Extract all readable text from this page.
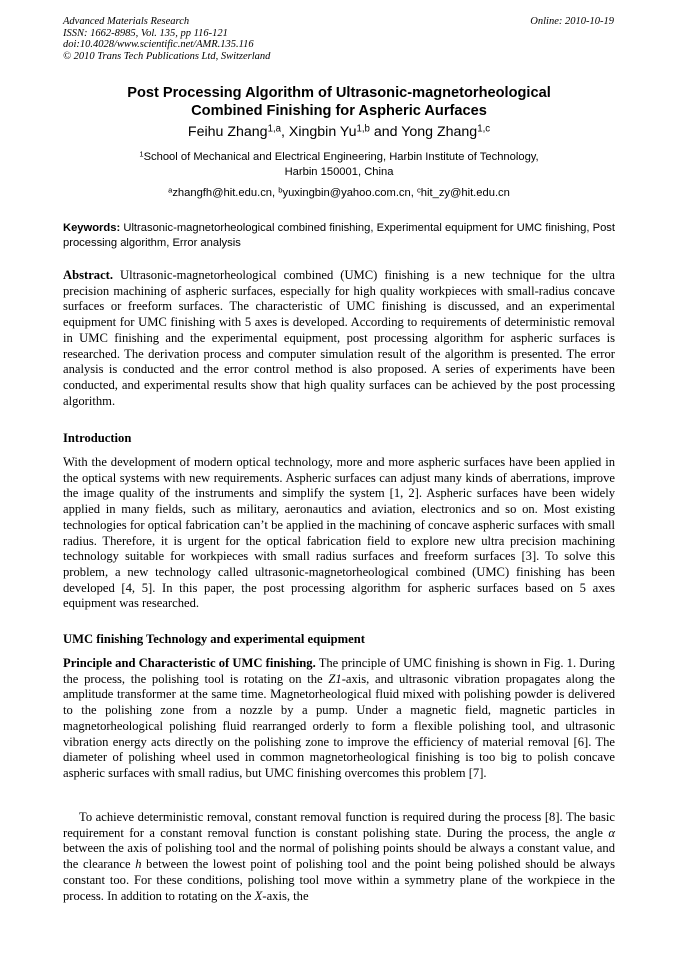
Advanced Materials Research
ISSN: 1662-8985, Vol. 135, pp 116-121
doi:10.4028/www.scientific.net/AMR.135.116
© 2010 Trans Tech Publications Ltd, Switzerland
Online: 2010-10-19
Post Processing Algorithm of Ultrasonic-magnetorheological
Combined Finishing for Aspheric Aurfaces
Feihu Zhang$^{1,a}$, Xingbin Yu$^{1,b}$ and Yong Zhang$^{1,c}$
$^1$School of Mechanical and Electrical Engineering, Harbin Institute of Technology,
Harbin 150001, China
$^a$zhangfh@hit.edu.cn, $^b$yuxingbin@yahoo.com.cn, $^c$hit_zy@hit.edu.cn
Keywords: Ultrasonic-magnetorheological combined finishing, Experimental equipment for UMC finishing, Post processing algorithm, Error analysis
Abstract. Ultrasonic-magnetorheological combined (UMC) finishing is a new technique for the ultra precision machining of aspheric surfaces, especially for high quality workpieces with small-radius concave surfaces or freeform surfaces. The characteristic of UMC finishing is discussed, and an experimental equipment for UMC finishing with 5 axes is developed. According to requirements of deterministic removal in UMC finishing and the experimental equipment, post processing algorithm for aspheric surfaces is researched. The derivation process and computer simulation result of the algorithm is presented. The error analysis is conducted and the error control method is also proposed. A series of experiments have been conducted, and experimental results show that high quality surfaces can be achieved by the post processing algorithm.
Introduction
With the development of modern optical technology, more and more aspheric surfaces have been applied in the optical systems with new requirements. Aspheric surfaces can adjust many kinds of aberrations, improve the image quality of the instruments and simplify the system [1, 2]. Aspheric surfaces have been widely applied in many fields, such as military, aeronautics and aviation, electronics and so on. Most existing technologies for optical fabrication can’t be applied in the machining of concave aspheric surfaces with small radius. Therefore, it is urgent for the optical fabrication field to explore new ultra precision machining technology suitable for workpieces with small radius surfaces and freeform surfaces [3]. To solve this problem, a new technology called ultrasonic-magnetorheological combined (UMC) finishing has been developed [4, 5]. In this paper, the post processing algorithm for aspheric surfaces based on 5 axes equipment was researched.
UMC finishing Technology and experimental equipment
Principle and Characteristic of UMC finishing. The principle of UMC finishing is shown in Fig. 1. During the process, the polishing tool is rotating on the Z1-axis, and ultrasonic vibration propagates along the amplitude transformer at the same time. Magnetorheological fluid mixed with polishing powder is delivered to the polishing zone from a nozzle by a pump. Under a magnetic field, magnetic particles in magnetorheological polishing fluid rearranged orderly to form a flexible polishing tool, and ultrasonic vibration energy acts directly on the polishing zone to improve the efficiency of material removal [6]. The diameter of polishing wheel used in common magnetorheological finishing is too big to polish concave aspheric surfaces with small radius, but UMC finishing overcomes this problem [7].
To achieve deterministic removal, constant removal function is required during the process [8]. The basic requirement for a constant removal function is constant polishing state. During the process, the angle α between the axis of polishing tool and the normal of polishing points should be always a constant value, and the clearance h between the lowest point of polishing tool and the point being polished should be always constant too. For these conditions, polishing tool move within a symmetry plane of the workpiece in the process. In addition to rotating on the X-axis, the
